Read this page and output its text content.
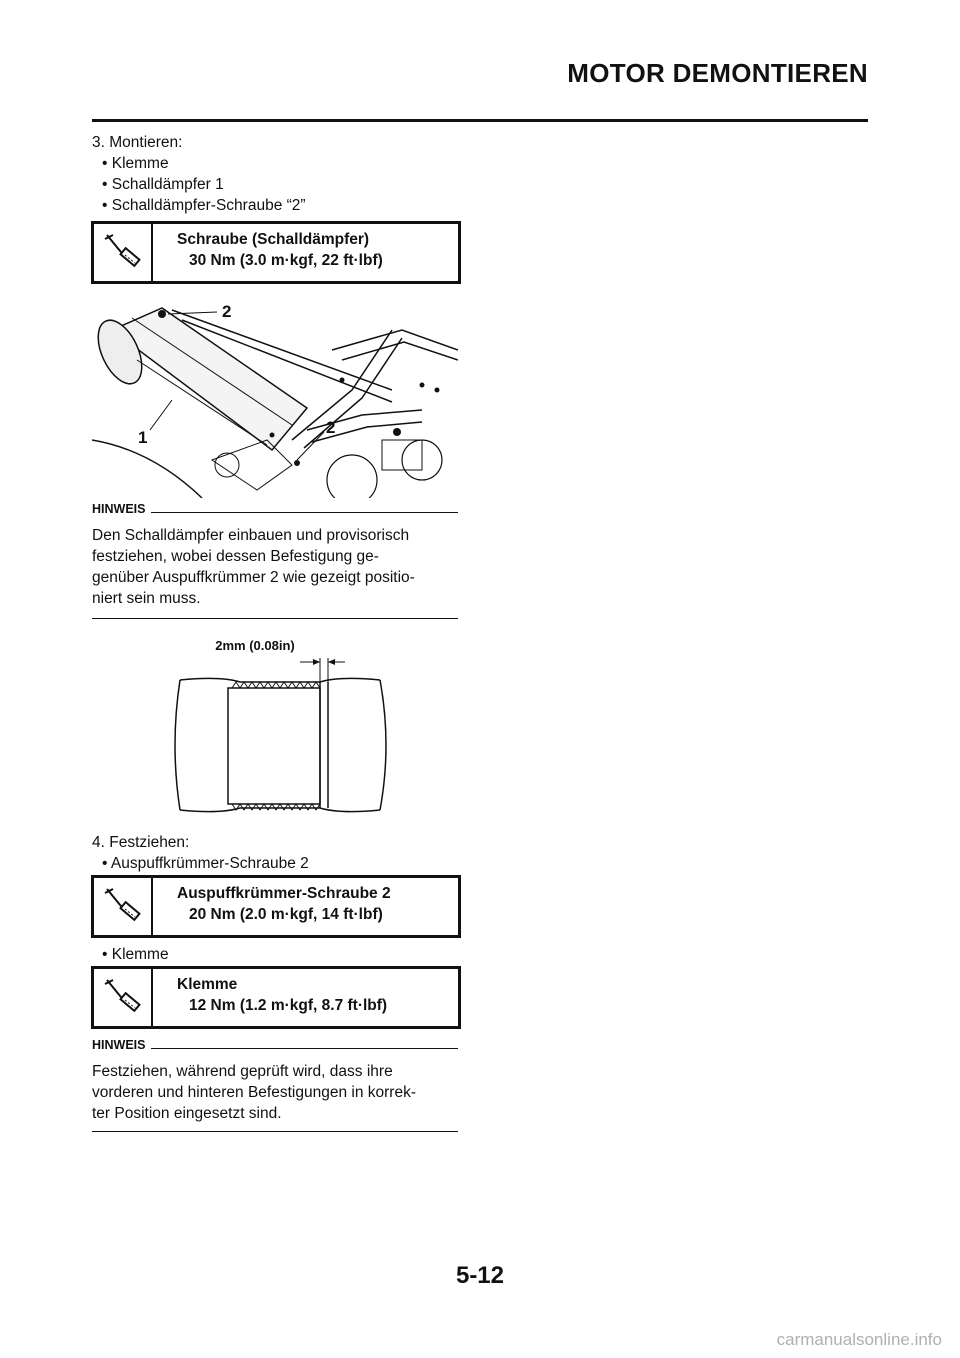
MOTOR DEMONTIEREN
3. Montieren:
• Klemme
• Schalldämpfer 1
• Schalldämpfer-Schraube “2”
Schraube (Schalldämpfer)
30 Nm (3.0 m·kgf, 22 ft·lbf)
2
1
2
HINWEIS
Den Schalldämpfer einbauen und provisorisch
festziehen, wobei dessen Befestigung ge-
genüber Auspuffkrümmer 2 wie gezeigt positio-
niert sein muss.
2mm (0.08in)
4. Festziehen:
• Auspuffkrümmer-Schraube 2
Auspuffkrümmer-Schraube 2
20 Nm (2.0 m·kgf, 14 ft·lbf)
• Klemme
Klemme
12 Nm (1.2 m·kgf, 8.7 ft·lbf)
HINWEIS
Festziehen, während geprüft wird, dass ihre
vorderen und hinteren Befestigungen in korrek-
ter Position eingesetzt sind.
5-12
carmanualsonline.info
